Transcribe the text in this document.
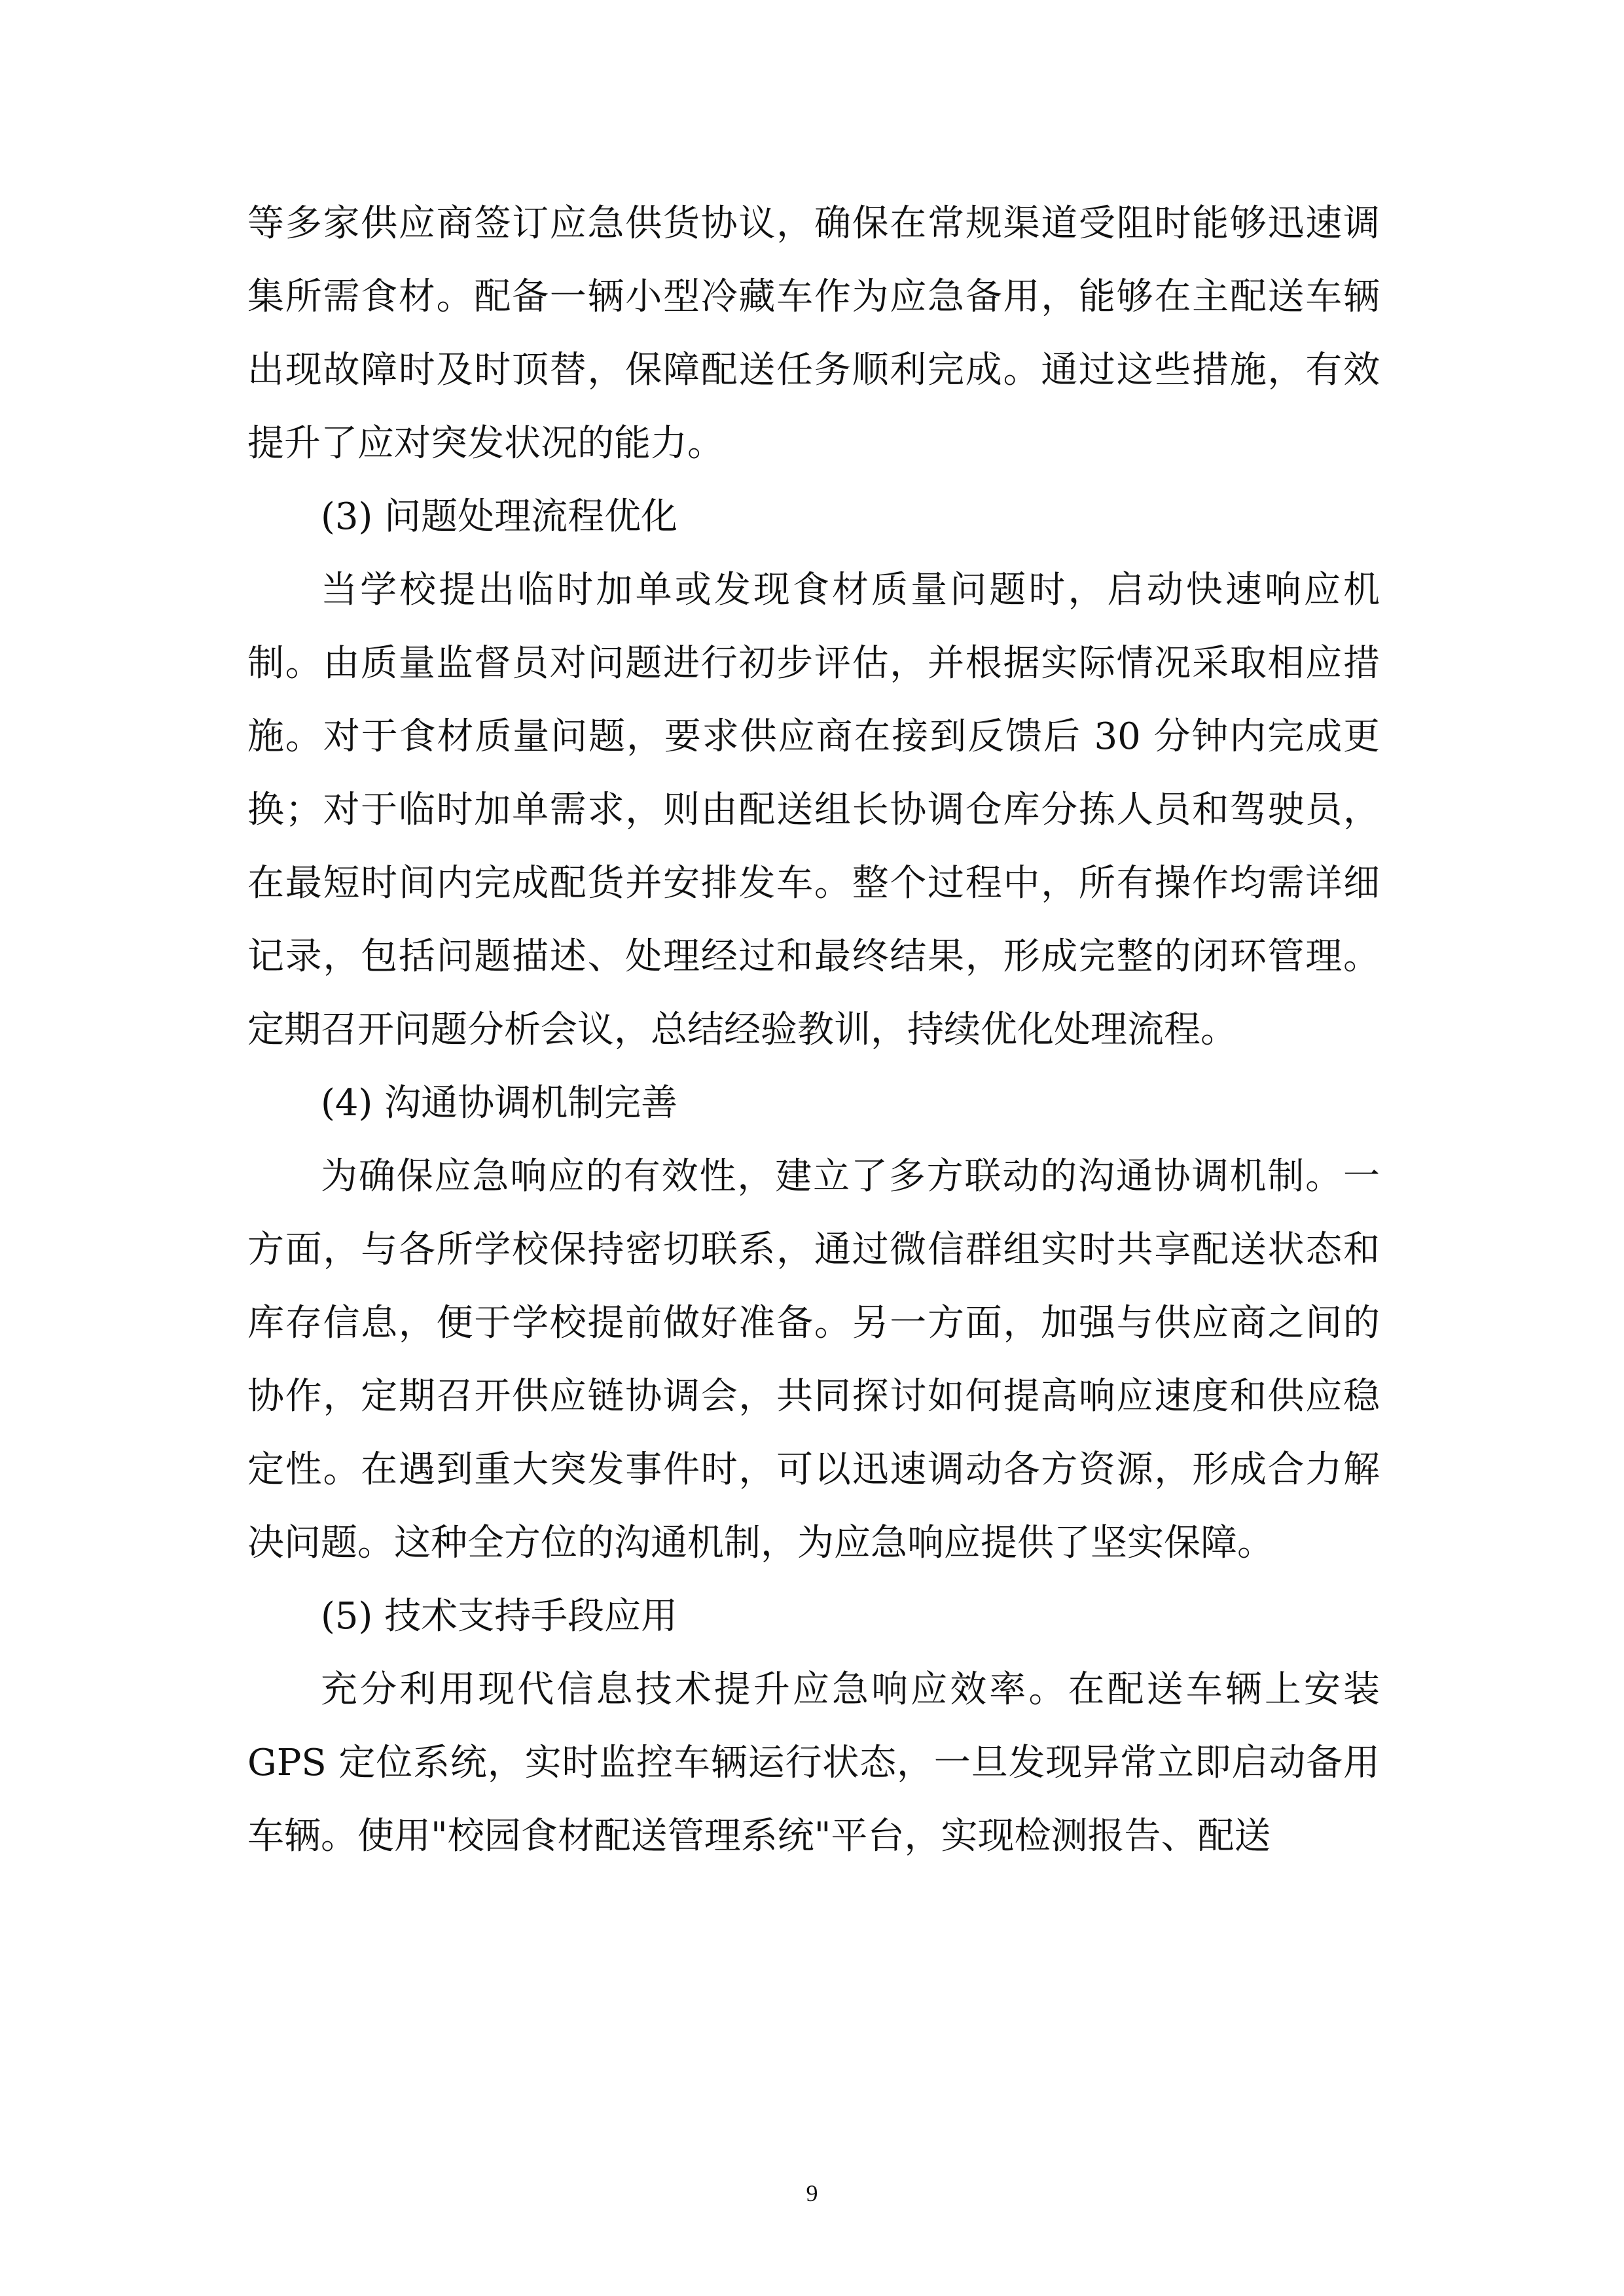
等多家供应商签订应急供货协议，确保在常规渠道受阻时能够迅速调集所需食材。配备一辆小型冷藏车作为应急备用，能够在主配送车辆出现故障时及时顶替，保障配送任务顺利完成。通过这些措施，有效提升了应对突发状况的能力。

(3) 问题处理流程优化

当学校提出临时加单或发现食材质量问题时，启动快速响应机制。由质量监督员对问题进行初步评估，并根据实际情况采取相应措施。对于食材质量问题，要求供应商在接到反馈后 30 分钟内完成更换；对于临时加单需求，则由配送组长协调仓库分拣人员和驾驶员，在最短时间内完成配货并安排发车。整个过程中，所有操作均需详细记录，包括问题描述、处理经过和最终结果，形成完整的闭环管理。定期召开问题分析会议，总结经验教训，持续优化处理流程。

(4) 沟通协调机制完善

为确保应急响应的有效性，建立了多方联动的沟通协调机制。一方面，与各所学校保持密切联系，通过微信群组实时共享配送状态和库存信息，便于学校提前做好准备。另一方面，加强与供应商之间的协作，定期召开供应链协调会，共同探讨如何提高响应速度和供应稳定性。在遇到重大突发事件时，可以迅速调动各方资源，形成合力解决问题。这种全方位的沟通机制，为应急响应提供了坚实保障。

(5) 技术支持手段应用

充分利用现代信息技术提升应急响应效率。在配送车辆上安装 GPS 定位系统，实时监控车辆运行状态，一旦发现异常立即启动备用车辆。使用"校园食材配送管理系统"平台，实现检测报告、配送

9
